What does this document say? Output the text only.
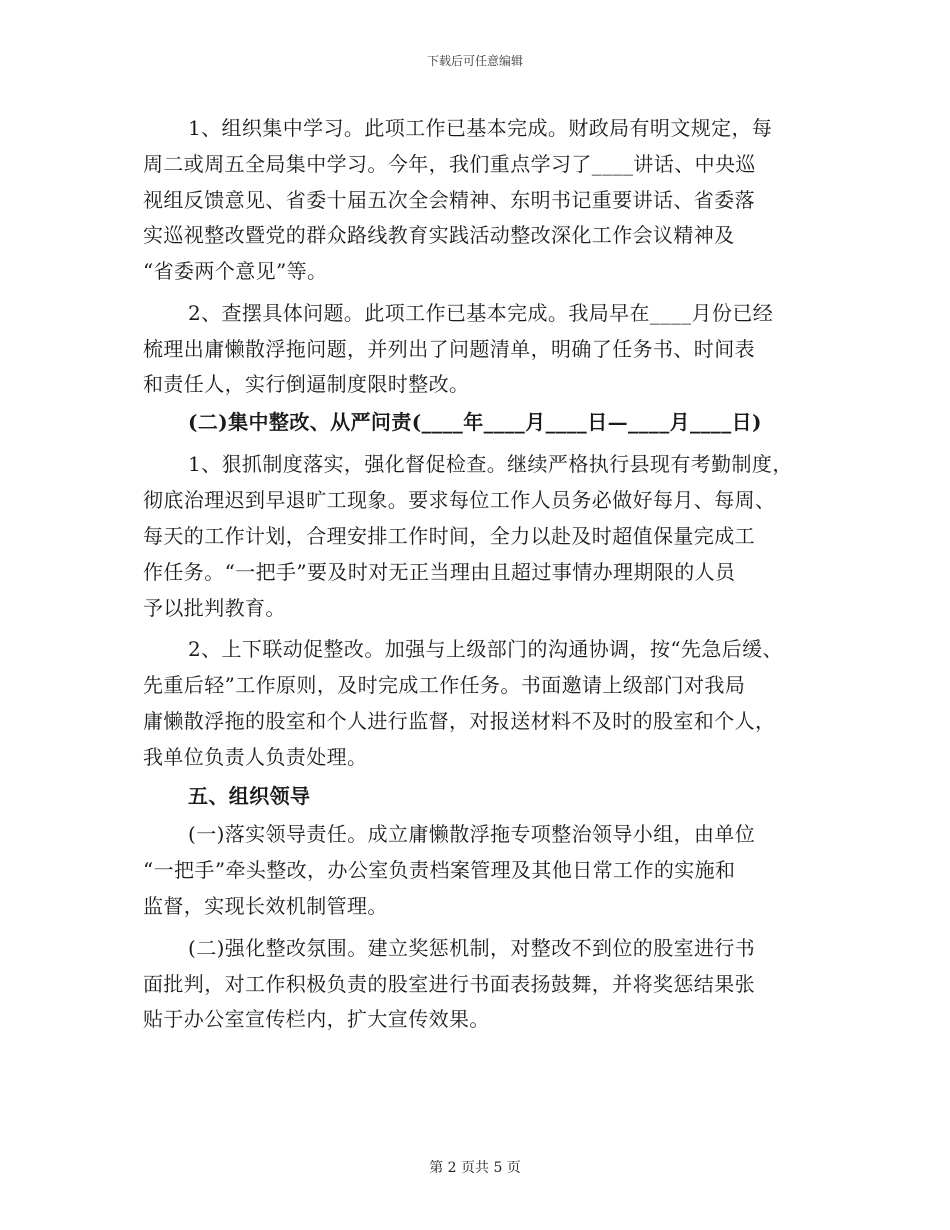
下载后可任意编辑
1、组织集中学习。此项工作已基本完成。财政局有明文规定，每
周二或周五全局集中学习。今年，我们重点学习了____讲话、中央巡
视组反馈意见、省委十届五次全会精神、东明书记重要讲话、省委落
实巡视整改暨党的群众路线教育实践活动整改深化工作会议精神及
“省委两个意见”等。
2、查摆具体问题。此项工作已基本完成。我局早在____月份已经
梳理出庸懒散浮拖问题，并列出了问题清单，明确了任务书、时间表
和责任人，实行倒逼制度限时整改。
(二)集中整改、从严问责(____年____月____日—____月____日)
1、狠抓制度落实，强化督促检查。继续严格执行县现有考勤制度，
彻底治理迟到早退旷工现象。要求每位工作人员务必做好每月、每周、
每天的工作计划，合理安排工作时间，全力以赴及时超值保量完成工
作任务。“一把手”要及时对无正当理由且超过事情办理期限的人员
予以批判教育。
2、上下联动促整改。加强与上级部门的沟通协调，按“先急后缓、
先重后轻”工作原则，及时完成工作任务。书面邀请上级部门对我局
庸懒散浮拖的股室和个人进行监督，对报送材料不及时的股室和个人，
我单位负责人负责处理。
五、组织领导
(一)落实领导责任。成立庸懒散浮拖专项整治领导小组，由单位
“一把手”牵头整改，办公室负责档案管理及其他日常工作的实施和
监督，实现长效机制管理。
(二)强化整改氛围。建立奖惩机制，对整改不到位的股室进行书
面批判，对工作积极负责的股室进行书面表扬鼓舞，并将奖惩结果张
贴于办公室宣传栏内，扩大宣传效果。
第 2 页共 5 页
